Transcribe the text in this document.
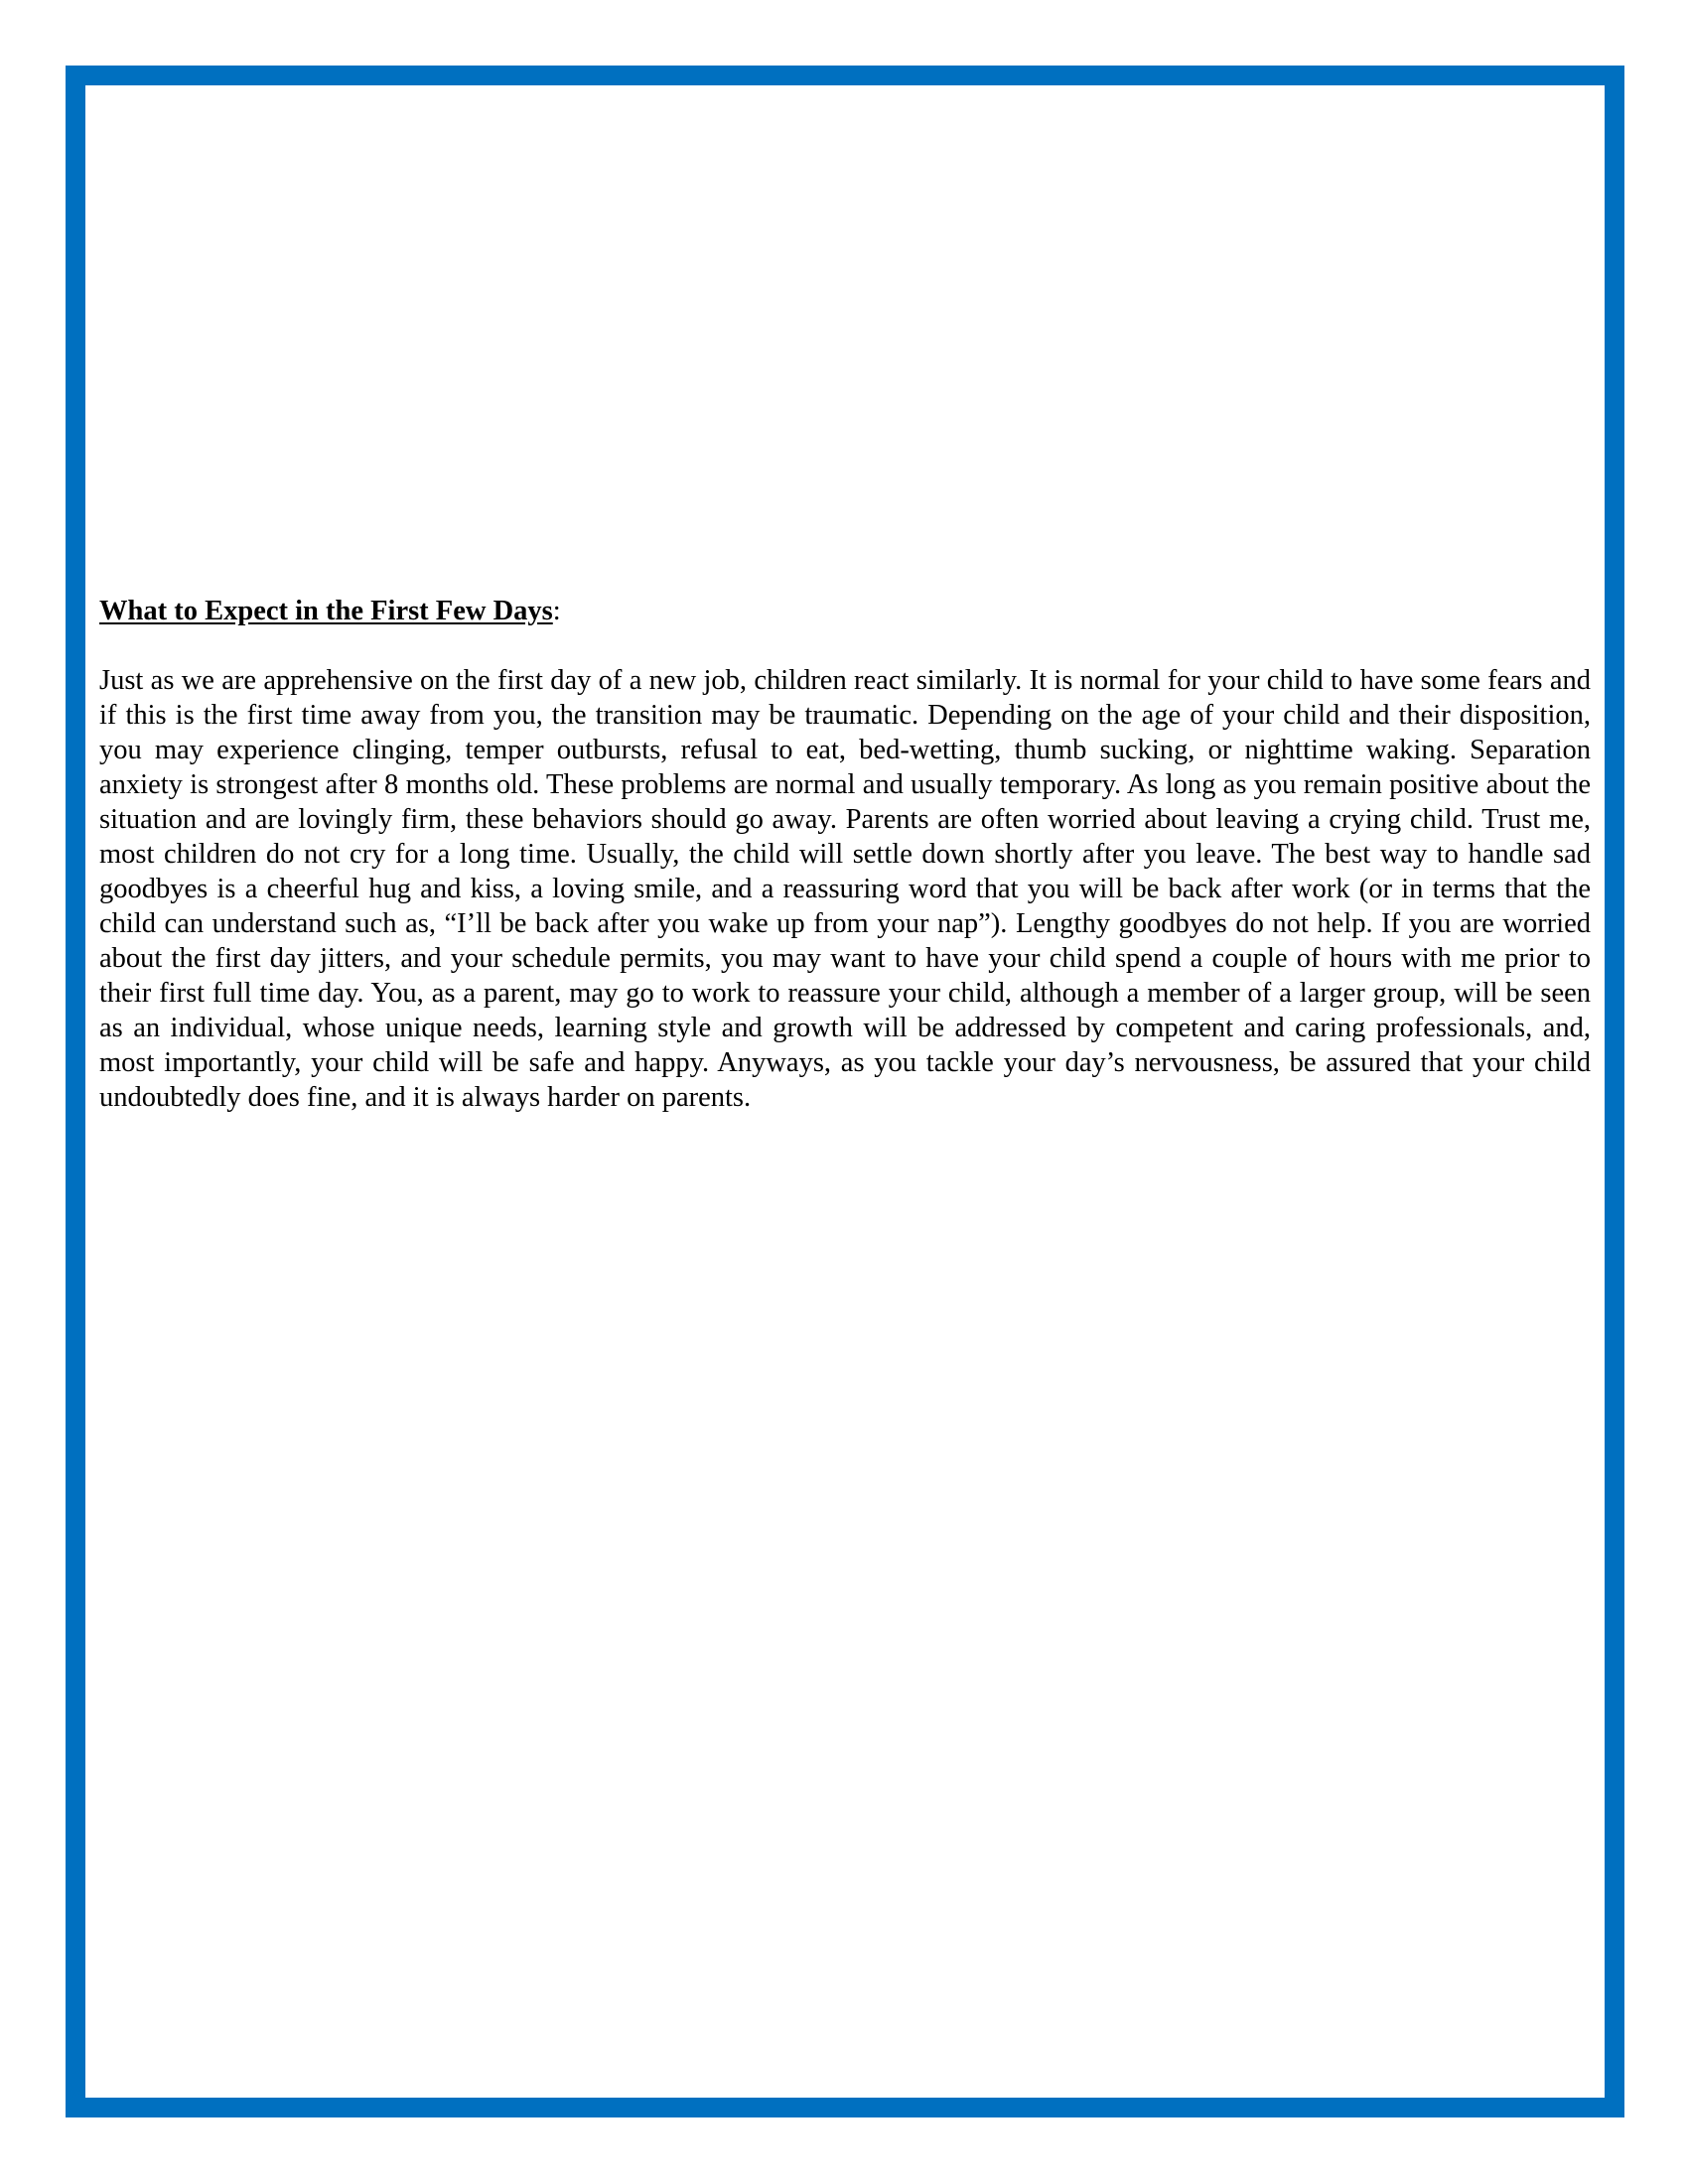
What to Expect in the First Few Days:

Just as we are apprehensive on the first day of a new job, children react similarly. It is normal for your child to have some fears and if this is the first time away from you, the transition may be traumatic. Depending on the age of your child and their disposition, you may experience clinging, temper outbursts, refusal to eat, bed-wetting, thumb sucking, or nighttime waking. Separation anxiety is strongest after 8 months old. These problems are normal and usually temporary. As long as you remain positive about the situation and are lovingly firm, these behaviors should go away. Parents are often worried about leaving a crying child. Trust me, most children do not cry for a long time. Usually, the child will settle down shortly after you leave. The best way to handle sad goodbyes is a cheerful hug and kiss, a loving smile, and a reassuring word that you will be back after work (or in terms that the child can understand such as, “I’ll be back after you wake up from your nap”). Lengthy goodbyes do not help. If you are worried about the first day jitters, and your schedule permits, you may want to have your child spend a couple of hours with me prior to their first full time day. You, as a parent, may go to work to reassure your child, although a member of a larger group, will be seen as an individual, whose unique needs, learning style and growth will be addressed by competent and caring professionals, and, most importantly, your child will be safe and happy. Anyways, as you tackle your day’s nervousness, be assured that your child undoubtedly does fine, and it is always harder on parents.
